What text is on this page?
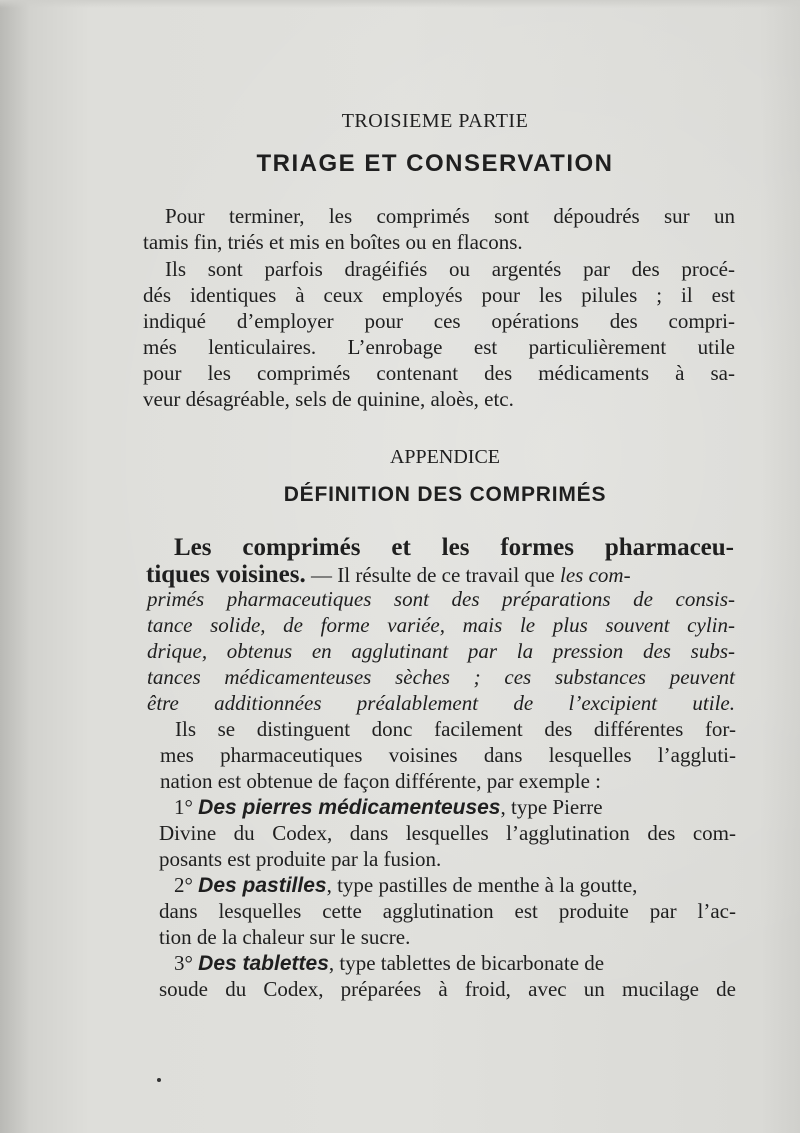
TROISIEME PARTIE
TRIAGE ET CONSERVATION
Pour terminer, les comprimés sont dépoudrés sur un
tamis fin, triés et mis en boîtes ou en flacons.
Ils sont parfois dragéifiés ou argentés par des procé-
dés identiques à ceux employés pour les pilules ; il est
indiqué d’employer pour ces opérations des compri-
més lenticulaires. L’enrobage est particulièrement utile
pour les comprimés contenant des médicaments à sa-
veur désagréable, sels de quinine, aloès, etc.
APPENDICE
DÉFINITION DES COMPRIMÉS
Les comprimés et les formes pharmaceu-
tiques voisines. — Il résulte de ce travail que les com-
primés pharmaceutiques sont des préparations de consis-
tance solide, de forme variée, mais le plus souvent cylin-
drique, obtenus en agglutinant par la pression des subs-
tances médicamenteuses sèches ; ces substances peuvent
être additionnées préalablement de l’excipient utile.
Ils se distinguent donc facilement des différentes for-
mes pharmaceutiques voisines dans lesquelles l’aggluti-
nation est obtenue de façon différente, par exemple :
1° Des pierres médicamenteuses, type Pierre
Divine du Codex, dans lesquelles l’agglutination des com-
posants est produite par la fusion.
2° Des pastilles, type pastilles de menthe à la goutte,
dans lesquelles cette agglutination est produite par l’ac-
tion de la chaleur sur le sucre.
3° Des tablettes, type tablettes de bicarbonate de
soude du Codex, préparées à froid, avec un mucilage de
